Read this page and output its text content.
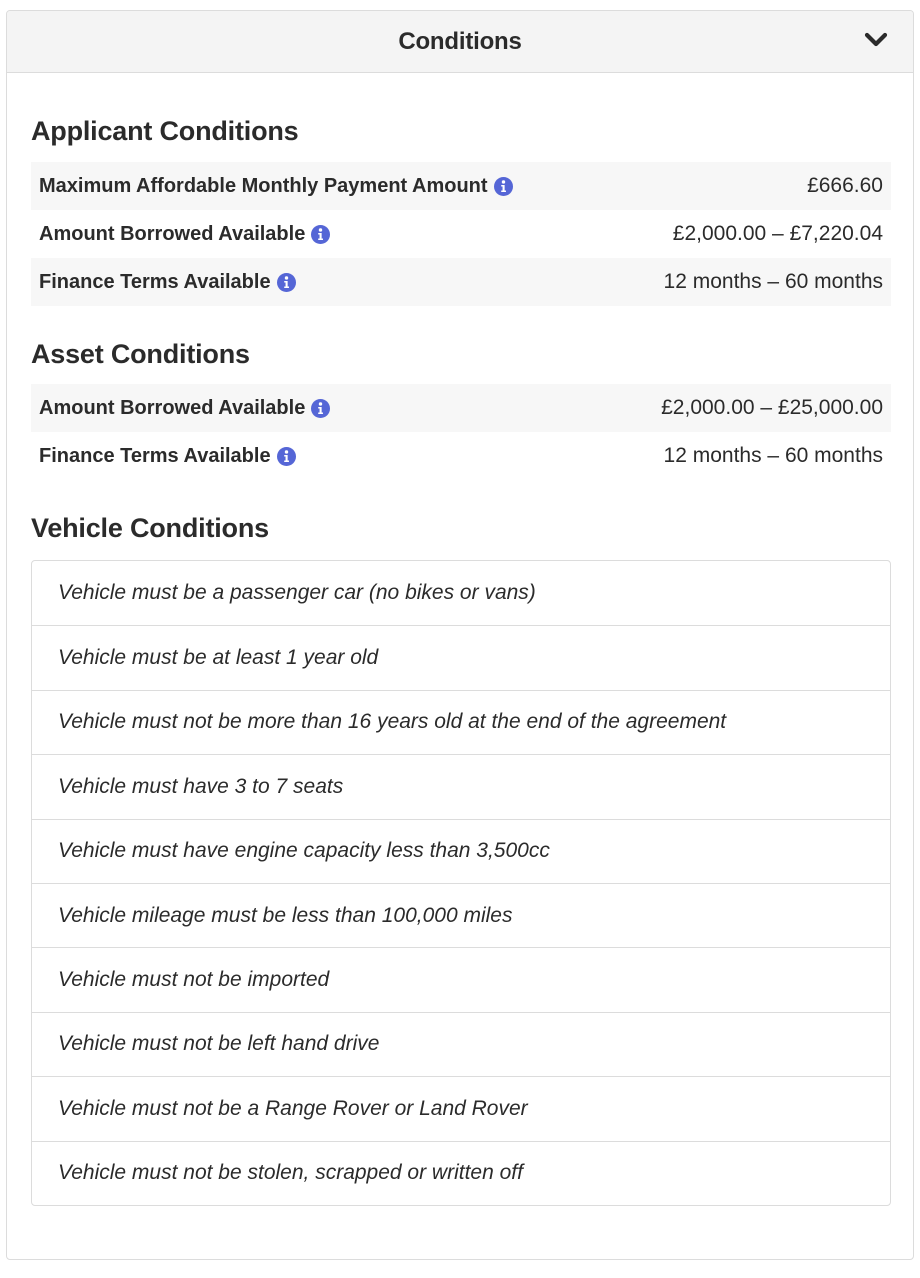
Conditions
Applicant Conditions
Maximum Affordable Monthly Payment Amount	£666.60
Amount Borrowed Available	£2,000.00 – £7,220.04
Finance Terms Available	12 months – 60 months
Asset Conditions
Amount Borrowed Available	£2,000.00 – £25,000.00
Finance Terms Available	12 months – 60 months
Vehicle Conditions
Vehicle must be a passenger car (no bikes or vans)
Vehicle must be at least 1 year old
Vehicle must not be more than 16 years old at the end of the agreement
Vehicle must have 3 to 7 seats
Vehicle must have engine capacity less than 3,500cc
Vehicle mileage must be less than 100,000 miles
Vehicle must not be imported
Vehicle must not be left hand drive
Vehicle must not be a Range Rover or Land Rover
Vehicle must not be stolen, scrapped or written off
